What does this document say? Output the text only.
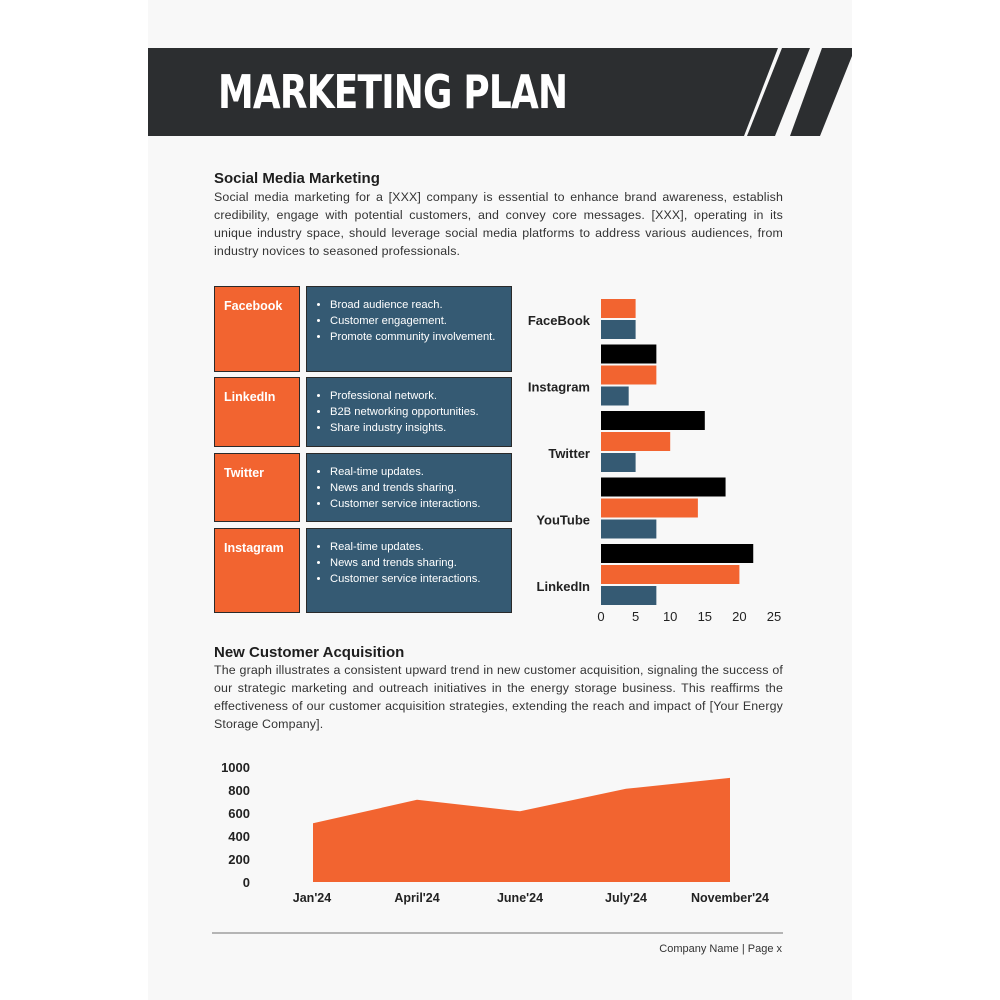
MARKETING PLAN
Social Media Marketing
Social media marketing for a [XXX] company is essential to enhance brand awareness, establish credibility, engage with potential customers, and convey core messages. [XXX], operating in its unique industry space, should leverage social media platforms to address various audiences, from industry novices to seasoned professionals.
Facebook	• Broad audience reach.
• Customer engagement.
• Promote community involvement.
LinkedIn	• Professional network.
• B2B networking opportunities.
• Share industry insights.
Twitter	• Real-time updates.
• News and trends sharing.
• Customer service interactions.
Instagram	• Real-time updates.
• News and trends sharing.
• Customer service interactions.
FaceBook
Instagram
Twitter
YouTube
LinkedIn
0 5 10 15 20 25
New Customer Acquisition
The graph illustrates a consistent upward trend in new customer acquisition, signaling the success of our strategic marketing and outreach initiatives in the energy storage business. This reaffirms the effectiveness of our customer acquisition strategies, extending the reach and impact of [Your Energy Storage Company].
0
200
400
600
800
1000
Jan'24	April'24	June'24	July'24	November'24
Company Name | Page x
